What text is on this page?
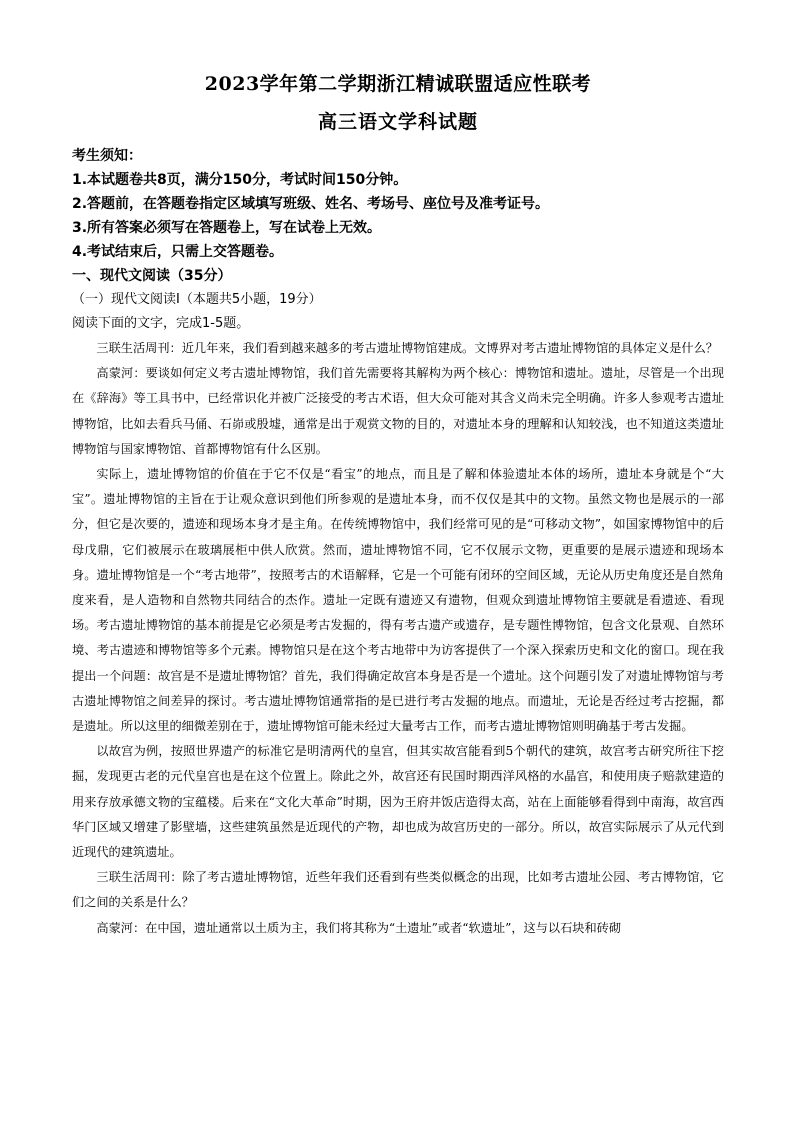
2023学年第二学期浙江精诚联盟适应性联考
高三语文学科试题

考生须知：

1.本试题卷共8页，满分150分，考试时间150分钟。

2.答题前，在答题卷指定区域填写班级、姓名、考场号、座位号及准考证号。

3.所有答案必须写在答题卷上，写在试卷上无效。

4.考试结束后，只需上交答题卷。

一、现代文阅读（35分）

（一）现代文阅读Ⅰ（本题共5小题，19分）

阅读下面的文字，完成1-5题。

三联生活周刊：近几年来，我们看到越来越多的考古遗址博物馆建成。文博界对考古遗址博物馆的具体定义是什么？

高蒙河：要谈如何定义考古遗址博物馆，我们首先需要将其解构为两个核心：博物馆和遗址。遗址，尽管是一个出现在《辞海》等工具书中，已经常识化并被广泛接受的考古术语，但大众可能对其含义尚未完全明确。许多人参观考古遗址博物馆，比如去看兵马俑、石峁或殷墟，通常是出于观赏文物的目的，对遗址本身的理解和认知较浅，也不知道这类遗址博物馆与国家博物馆、首都博物馆有什么区别。

实际上，遗址博物馆的价值在于它不仅是“看宝”的地点，而且是了解和体验遗址本体的场所，遗址本身就是个“大宝”。遗址博物馆的主旨在于让观众意识到他们所参观的是遗址本身，而不仅仅是其中的文物。虽然文物也是展示的一部分，但它是次要的，遗迹和现场本身才是主角。在传统博物馆中，我们经常可见的是“可移动文物”，如国家博物馆中的后母戊鼎，它们被展示在玻璃展柜中供人欣赏。然而，遗址博物馆不同，它不仅展示文物，更重要的是展示遗迹和现场本身。遗址博物馆是一个“考古地带”，按照考古的术语解释，它是一个可能有闭环的空间区域，无论从历史角度还是自然角度来看，是人造物和自然物共同结合的杰作。遗址一定既有遗迹又有遗物，但观众到遗址博物馆主要就是看遗迹、看现场。考古遗址博物馆的基本前提是它必须是考古发掘的，得有考古遗产或遗存，是专题性博物馆，包含文化景观、自然环境、考古遗迹和博物馆等多个元素。博物馆只是在这个考古地带中为访客提供了一个深入探索历史和文化的窗口。现在我提出一个问题：故宫是不是遗址博物馆？首先，我们得确定故宫本身是否是一个遗址。这个问题引发了对遗址博物馆与考古遗址博物馆之间差异的探讨。考古遗址博物馆通常指的是已进行考古发掘的地点。而遗址，无论是否经过考古挖掘，都是遗址。所以这里的细微差别在于，遗址博物馆可能未经过大量考古工作，而考古遗址博物馆则明确基于考古发掘。

以故宫为例，按照世界遗产的标准它是明清两代的皇宫，但其实故宫能看到5个朝代的建筑，故宫考古研究所往下挖掘，发现更古老的元代皇宫也是在这个位置上。除此之外，故宫还有民国时期西洋风格的水晶宫，和使用庚子赔款建造的用来存放承德文物的宝蕴楼。后来在“文化大革命”时期，因为王府井饭店造得太高，站在上面能够看得到中南海，故宫西华门区域又增建了影壁墙，这些建筑虽然是近现代的产物，却也成为故宫历史的一部分。所以，故宫实际展示了从元代到近现代的建筑遗址。

三联生活周刊：除了考古遗址博物馆，近些年我们还看到有些类似概念的出现，比如考古遗址公园、考古博物馆，它们之间的关系是什么？

高蒙河：在中国，遗址通常以土质为主，我们将其称为“土遗址”或者“软遗址”，这与以石块和砖砌
